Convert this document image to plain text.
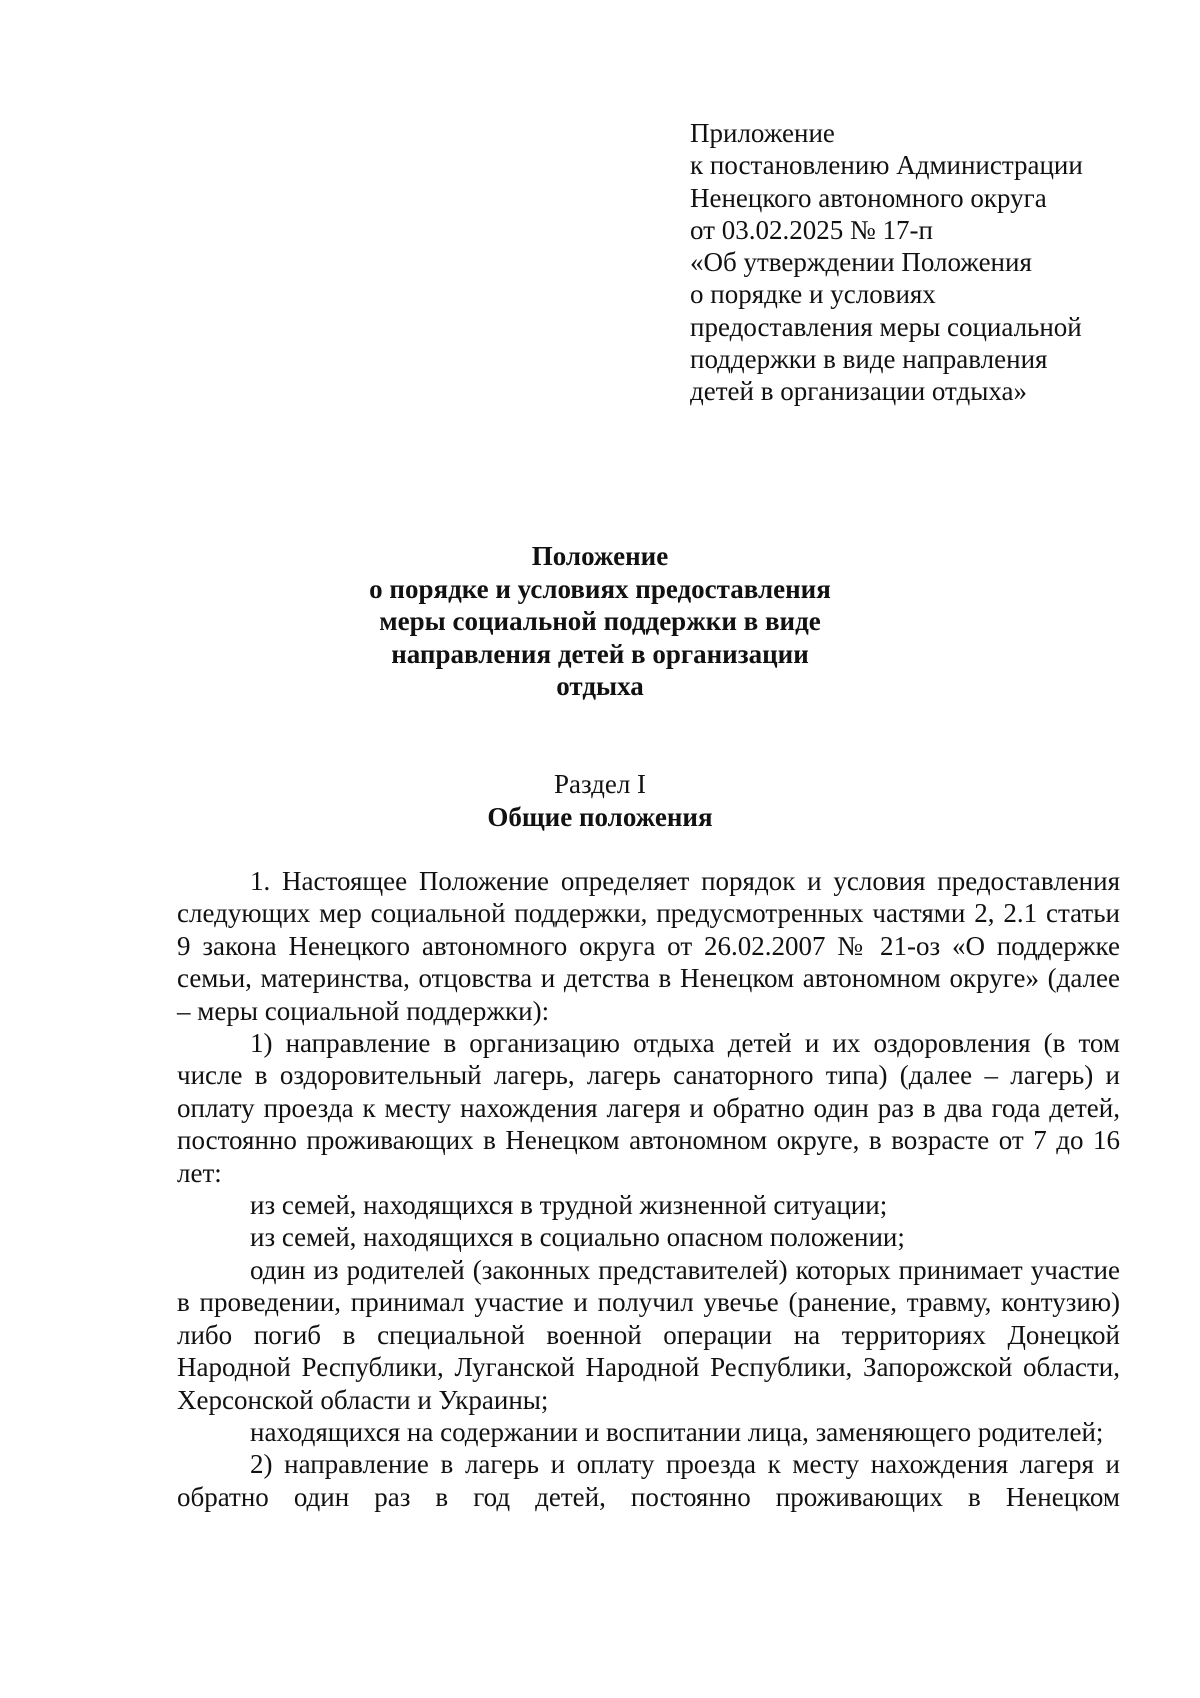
Приложение
к постановлению Администрации
Ненецкого автономного округа
от 03.02.2025 № 17-п
«Об утверждении Положения
о порядке и условиях
предоставления меры социальной
поддержки в виде направления
детей в организации отдыха»
Положение
о порядке и условиях предоставления
меры социальной поддержки в виде
направления детей в организации
отдыха
Раздел I
Общие положения

1. Настоящее Положение определяет порядок и условия предоставления следующих мер социальной поддержки, предусмотренных частями 2, 2.1 статьи 9 закона Ненецкого автономного округа от 26.02.2007 № 21-оз «О поддержке семьи, материнства, отцовства и детства в Ненецком автономном округе» (далее – меры социальной поддержки):

1) направление в организацию отдыха детей и их оздоровления (в том числе в оздоровительный лагерь, лагерь санаторного типа) (далее – лагерь) и оплату проезда к месту нахождения лагеря и обратно один раз в два года детей, постоянно проживающих в Ненецком автономном округе, в возрасте от 7 до 16 лет:

из семей, находящихся в трудной жизненной ситуации;

из семей, находящихся в социально опасном положении;

один из родителей (законных представителей) которых принимает участие в проведении, принимал участие и получил увечье (ранение, травму, контузию) либо погиб в специальной военной операции на территориях Донецкой Народной Республики, Луганской Народной Республики, Запорожской области, Херсонской области и Украины;

находящихся на содержании и воспитании лица, заменяющего родителей;

2) направление в лагерь и оплату проезда к месту нахождения лагеря и обратно один раз в год детей, постоянно проживающих в Ненецком
